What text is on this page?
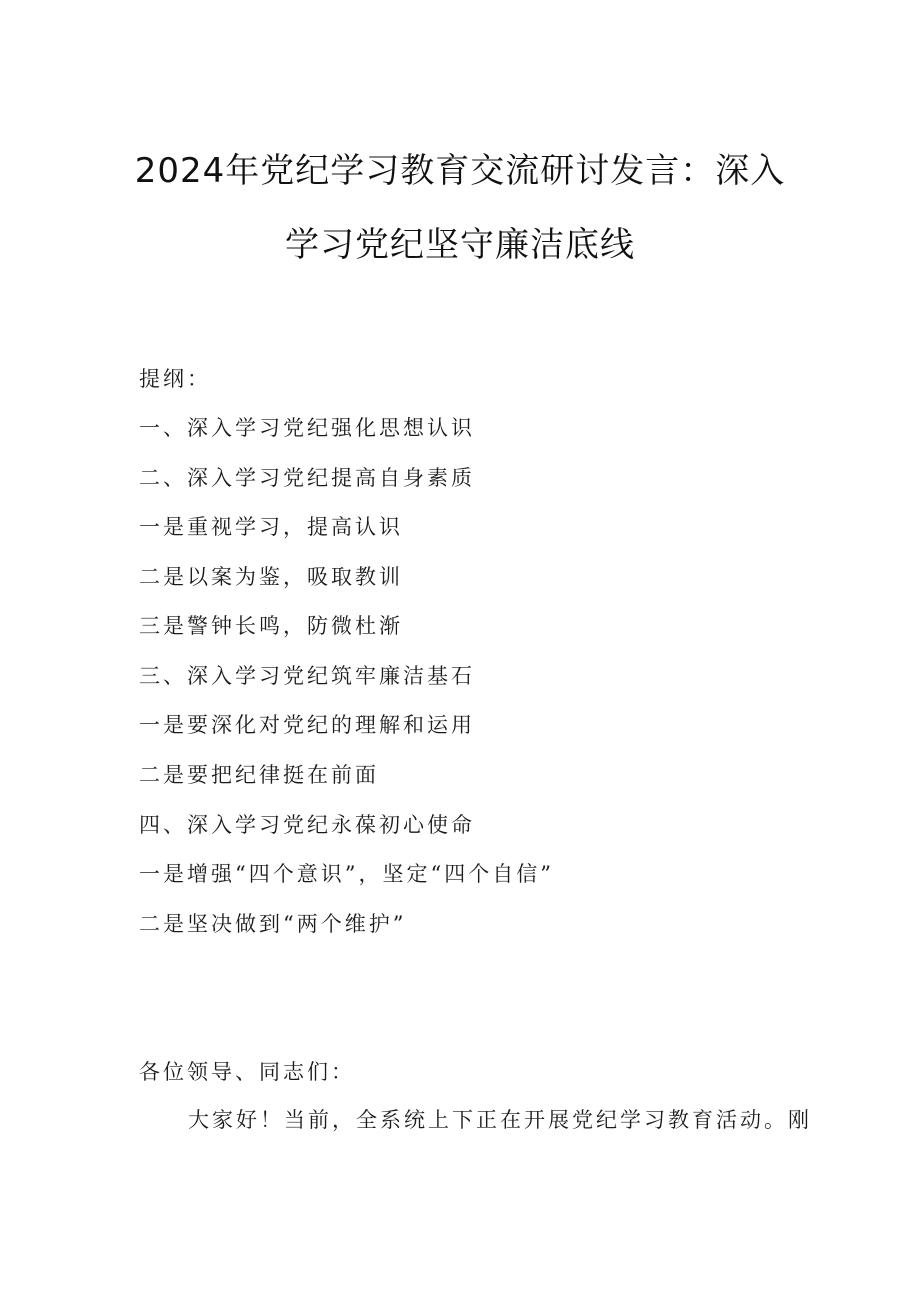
2024年党纪学习教育交流研讨发言：深入
学习党纪坚守廉洁底线
提纲：
一、深入学习党纪强化思想认识
二、深入学习党纪提高自身素质
一是重视学习，提高认识
二是以案为鉴，吸取教训
三是警钟长鸣，防微杜渐
三、深入学习党纪筑牢廉洁基石
一是要深化对党纪的理解和运用
二是要把纪律挺在前面
四、深入学习党纪永葆初心使命
一是增强“四个意识”，坚定“四个自信”
二是坚决做到“两个维护”
各位领导、同志们：
大家好！当前，全系统上下正在开展党纪学习教育活动。刚
